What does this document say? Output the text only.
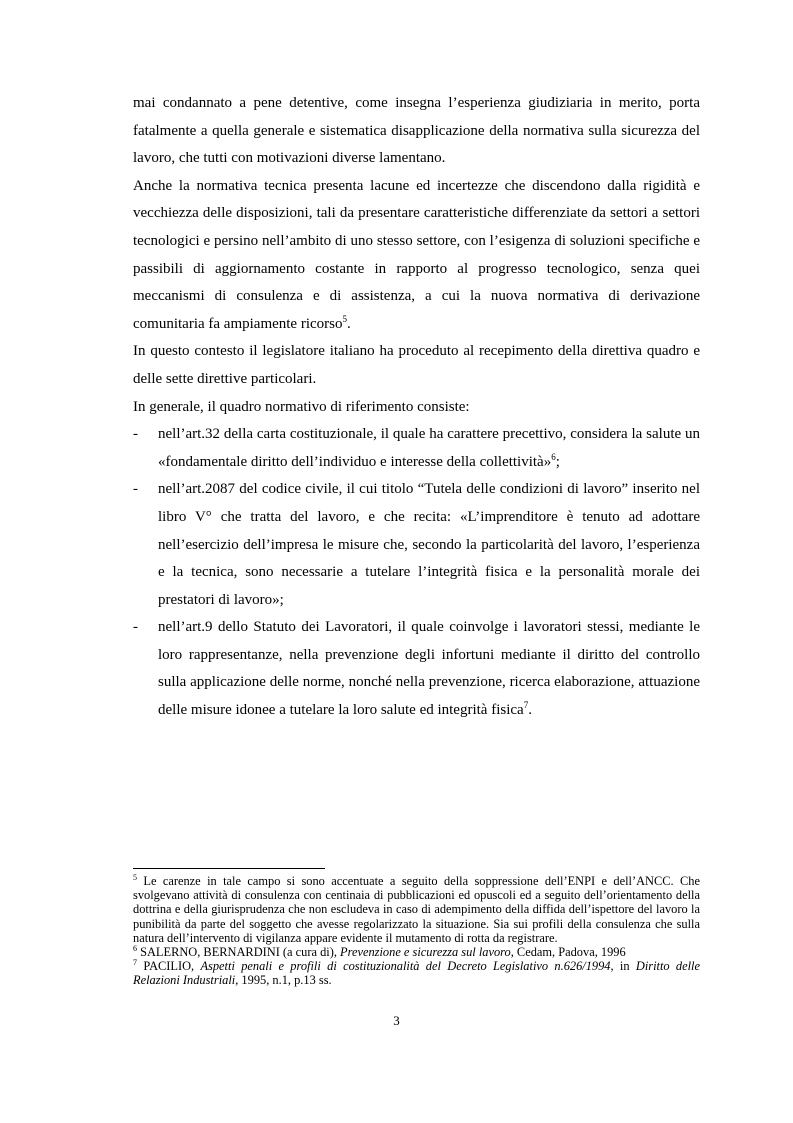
mai condannato a pene detentive, come insegna l’esperienza giudiziaria in merito, porta fatalmente a quella generale e sistematica disapplicazione della normativa sulla sicurezza del lavoro, che tutti con motivazioni diverse lamentano.

Anche la normativa tecnica presenta lacune ed incertezze che discendono dalla rigidità e vecchiezza delle disposizioni, tali da presentare caratteristiche differenziate da settori a settori tecnologici e persino nell’ambito di uno stesso settore, con l’esigenza di soluzioni specifiche e passibili di aggiornamento costante in rapporto al progresso tecnologico, senza quei meccanismi di consulenza e di assistenza, a cui la nuova normativa di derivazione comunitaria fa ampiamente ricorso$^5$.

In questo contesto il legislatore italiano ha proceduto al recepimento della direttiva quadro e delle sette direttive particolari.

In generale, il quadro normativo di riferimento consiste:

- nell’art.32 della carta costituzionale, il quale ha carattere precettivo, considera la salute un «fondamentale diritto dell’individuo e interesse della collettività»$^6$;
- nell’art.2087 del codice civile, il cui titolo “Tutela delle condizioni di lavoro” inserito nel libro V° che tratta del lavoro, e che recita: «L’imprenditore è tenuto ad adottare nell’esercizio dell’impresa le misure che, secondo la particolarità del lavoro, l’esperienza e la tecnica, sono necessarie a tutelare l’integrità fisica e la personalità morale dei prestatori di lavoro»;
- nell’art.9 dello Statuto dei Lavoratori, il quale coinvolge i lavoratori stessi, mediante le loro rappresentanze, nella prevenzione degli infortuni mediante il diritto del controllo sulla applicazione delle norme, nonché nella prevenzione, ricerca elaborazione, attuazione delle misure idonee a tutelare la loro salute ed integrità fisica$^7$.

$^5$ Le carenze in tale campo si sono accentuate a seguito della soppressione dell’ENPI e dell’ANCC. Che svolgevano attività di consulenza con centinaia di pubblicazioni ed opuscoli ed a seguito dell’orientamento della dottrina e della giurisprudenza che non escludeva in caso di adempimento della diffida dell’ispettore del lavoro la punibilità da parte del soggetto che avesse regolarizzato la situazione. Sia sui profili della consulenza che sulla natura dell’intervento di vigilanza appare evidente il mutamento di rotta da registrare.

$^6$ SALERNO, BERNARDINI (a cura di), Prevenzione e sicurezza sul lavoro, Cedam, Padova, 1996

$^7$ PACILIO, Aspetti penali e profili di costituzionalità del Decreto Legislativo n.626/1994, in Diritto delle Relazioni Industriali, 1995, n.1, p.13 ss.

3
